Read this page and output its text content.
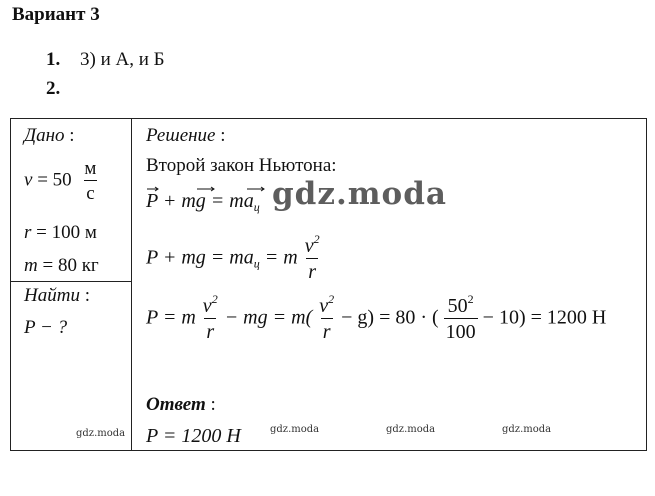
Вариант 3
1. 3) и А, и Б
2.
Дано :
$v = 50 \frac{м}{с}$
r = 100 м
m = 80 кг
Найти :
P − ?
Решение :
Второй закон Ньютона:
P + mg = $ma_ц$ gdz.moda
P + mg = $ma_ц = m \frac{v^2}{r}$
P = m $\frac{v^2}{r}$ − mg = $m( \frac{v^2}{r} - g) = 80$ · ( $\frac{50^2}{100} - 10) = 1200$ Н
Ответ :
P = 1200 Н
gdz.moda	gdz.moda	gdz.moda	gdz.moda
